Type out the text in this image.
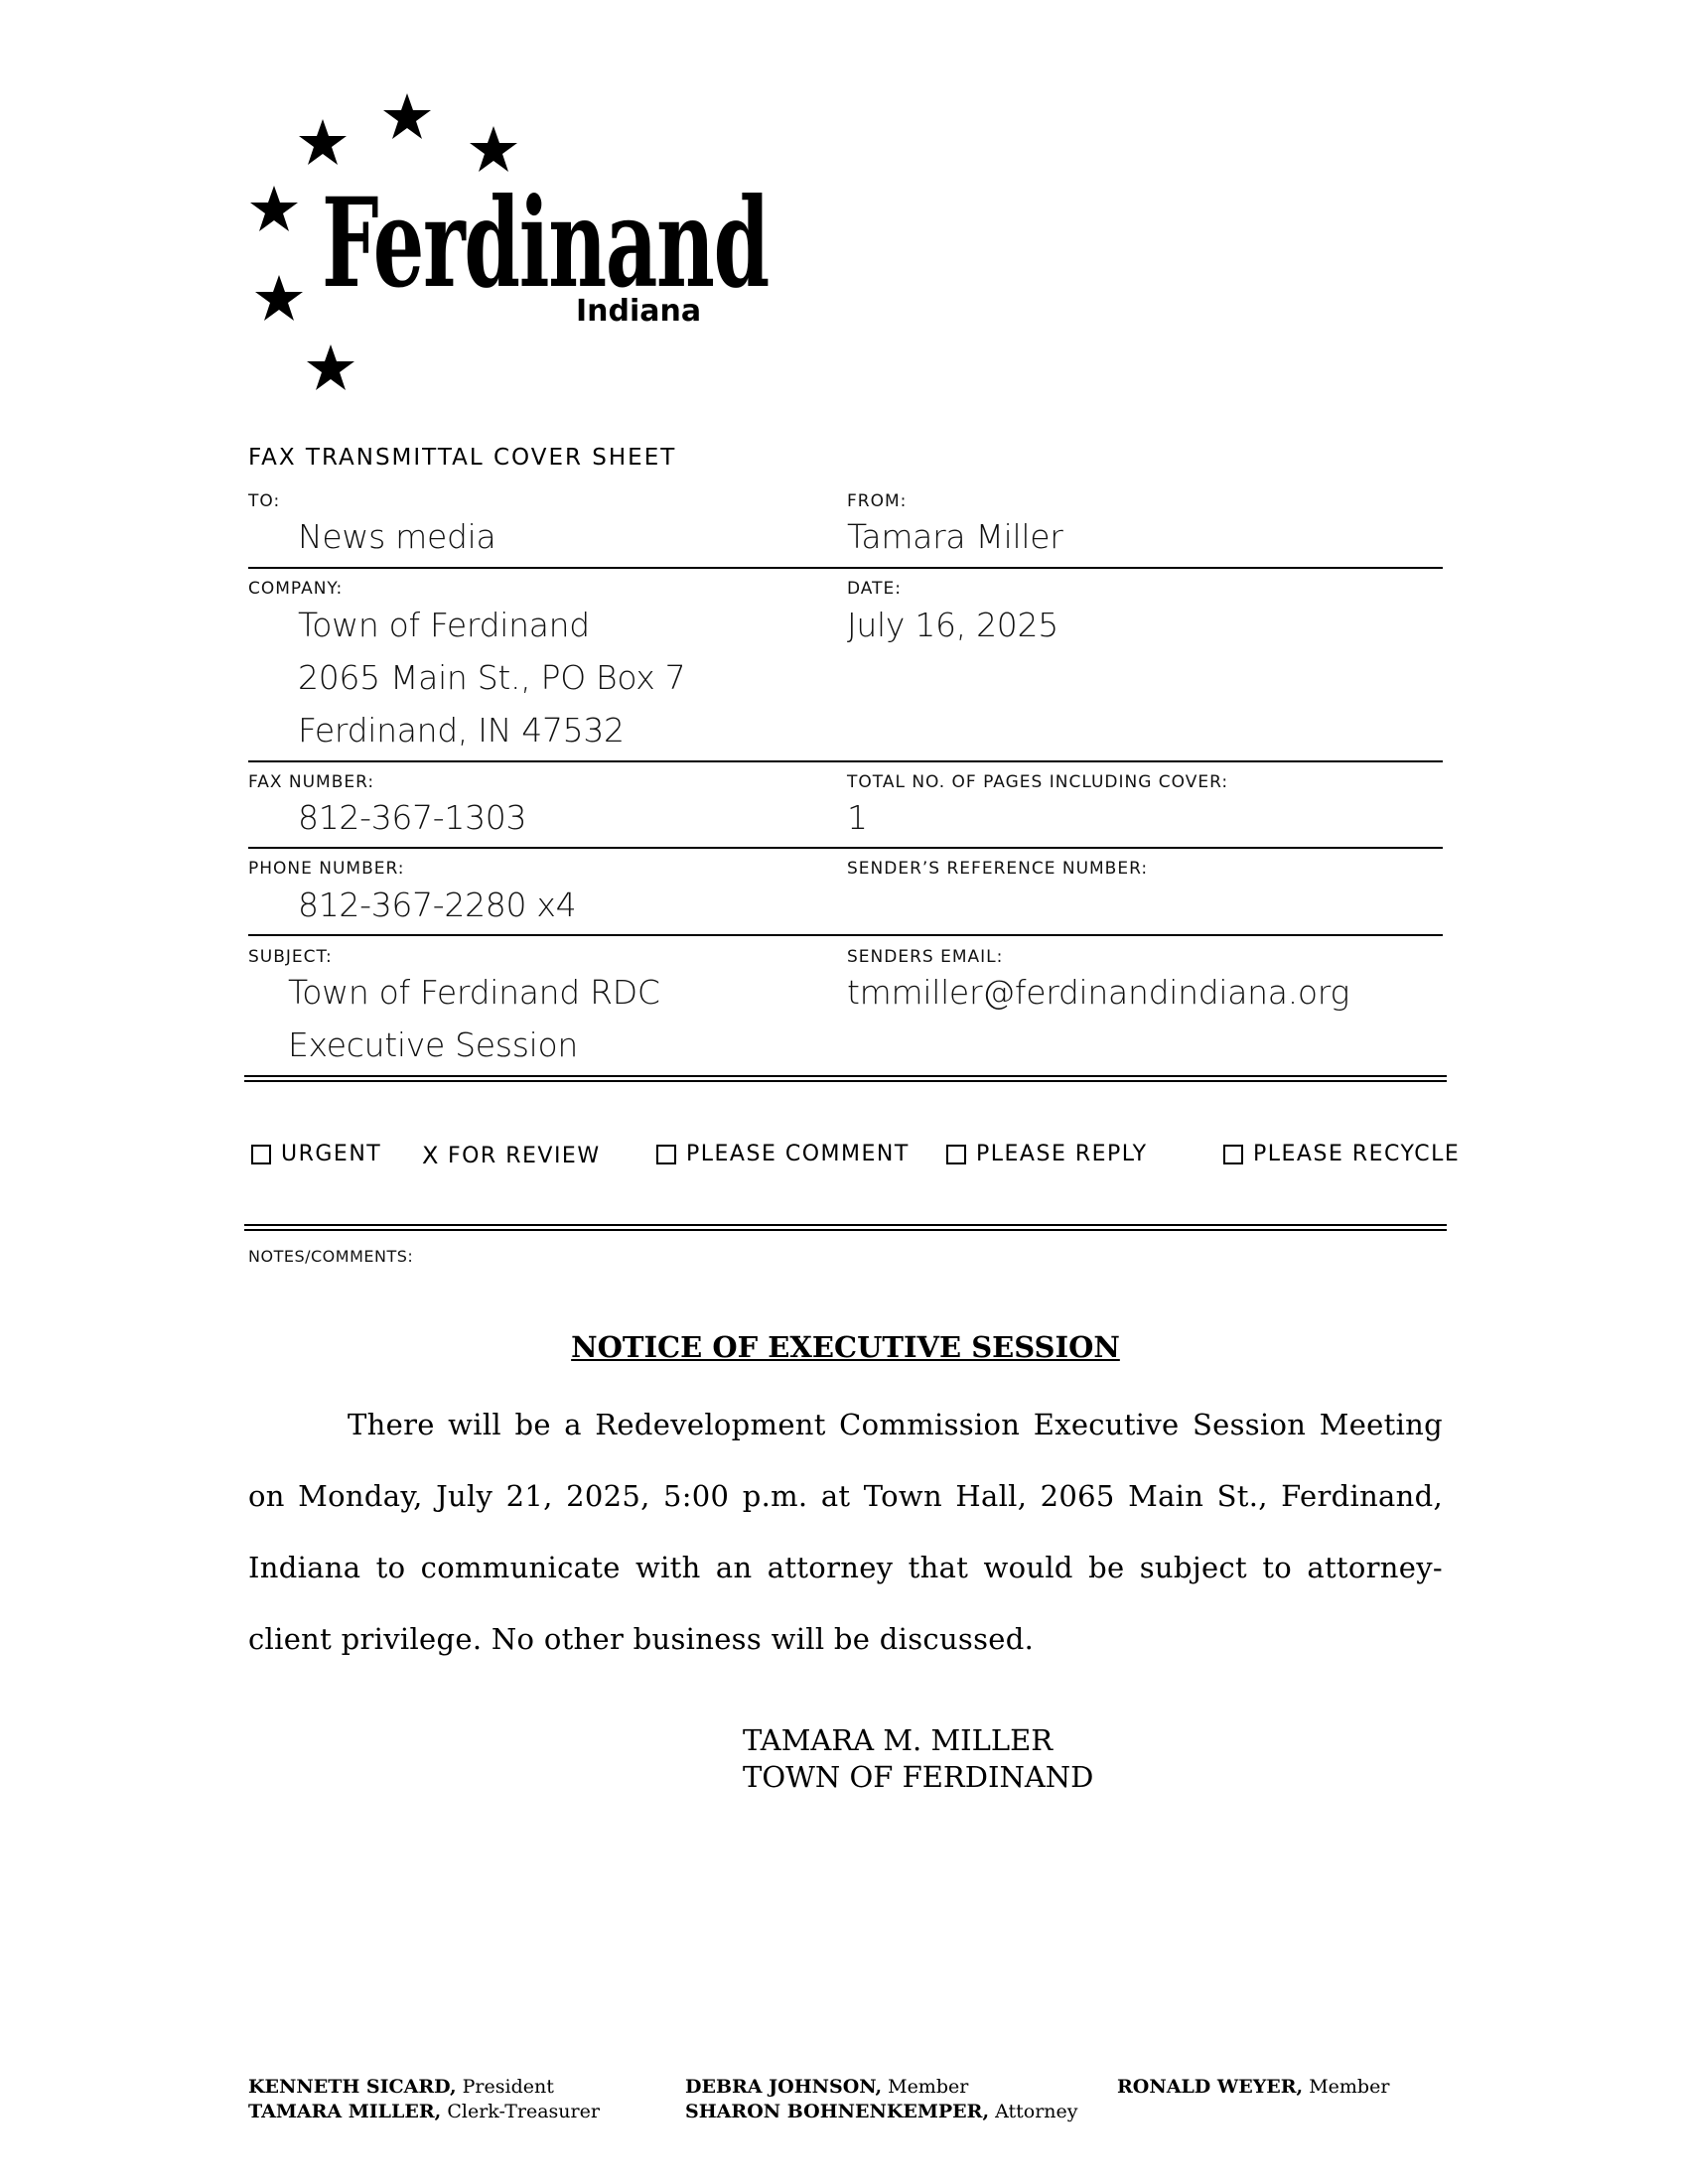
Ferdinand
Indiana
FAX TRANSMITTAL COVER SHEET
TO:
News media
FROM:
Tamara Miller
COMPANY:
Town of Ferdinand
2065 Main St., PO Box 7
Ferdinand, IN 47532
DATE:
July 16, 2025
FAX NUMBER:
812-367-1303
TOTAL NO. OF PAGES INCLUDING COVER:
1
PHONE NUMBER:
812-367-2280 x4
SENDER’S REFERENCE NUMBER:
SUBJECT:
Town of Ferdinand RDC
Executive Session
SENDERS EMAIL:
tmmiller@ferdinandindiana.org
URGENT X FOR REVIEW	PLEASE COMMENT	PLEASE REPLY	PLEASE RECYCLE
NOTES/COMMENTS:
NOTICE OF EXECUTIVE SESSION
There will be a Redevelopment Commission Executive Session Meeting on Monday, July 21, 2025, 5:00 p.m. at Town Hall, 2065 Main St., Ferdinand, Indiana to communicate with an attorney that would be subject to attorney-client privilege. No other business will be discussed.
TAMARA M. MILLER
TOWN OF FERDINAND
KENNETH SICARD, President
TAMARA MILLER, Clerk-Treasurer
DEBRA JOHNSON, Member
SHARON BOHNENKEMPER, Attorney
RONALD WEYER, Member
